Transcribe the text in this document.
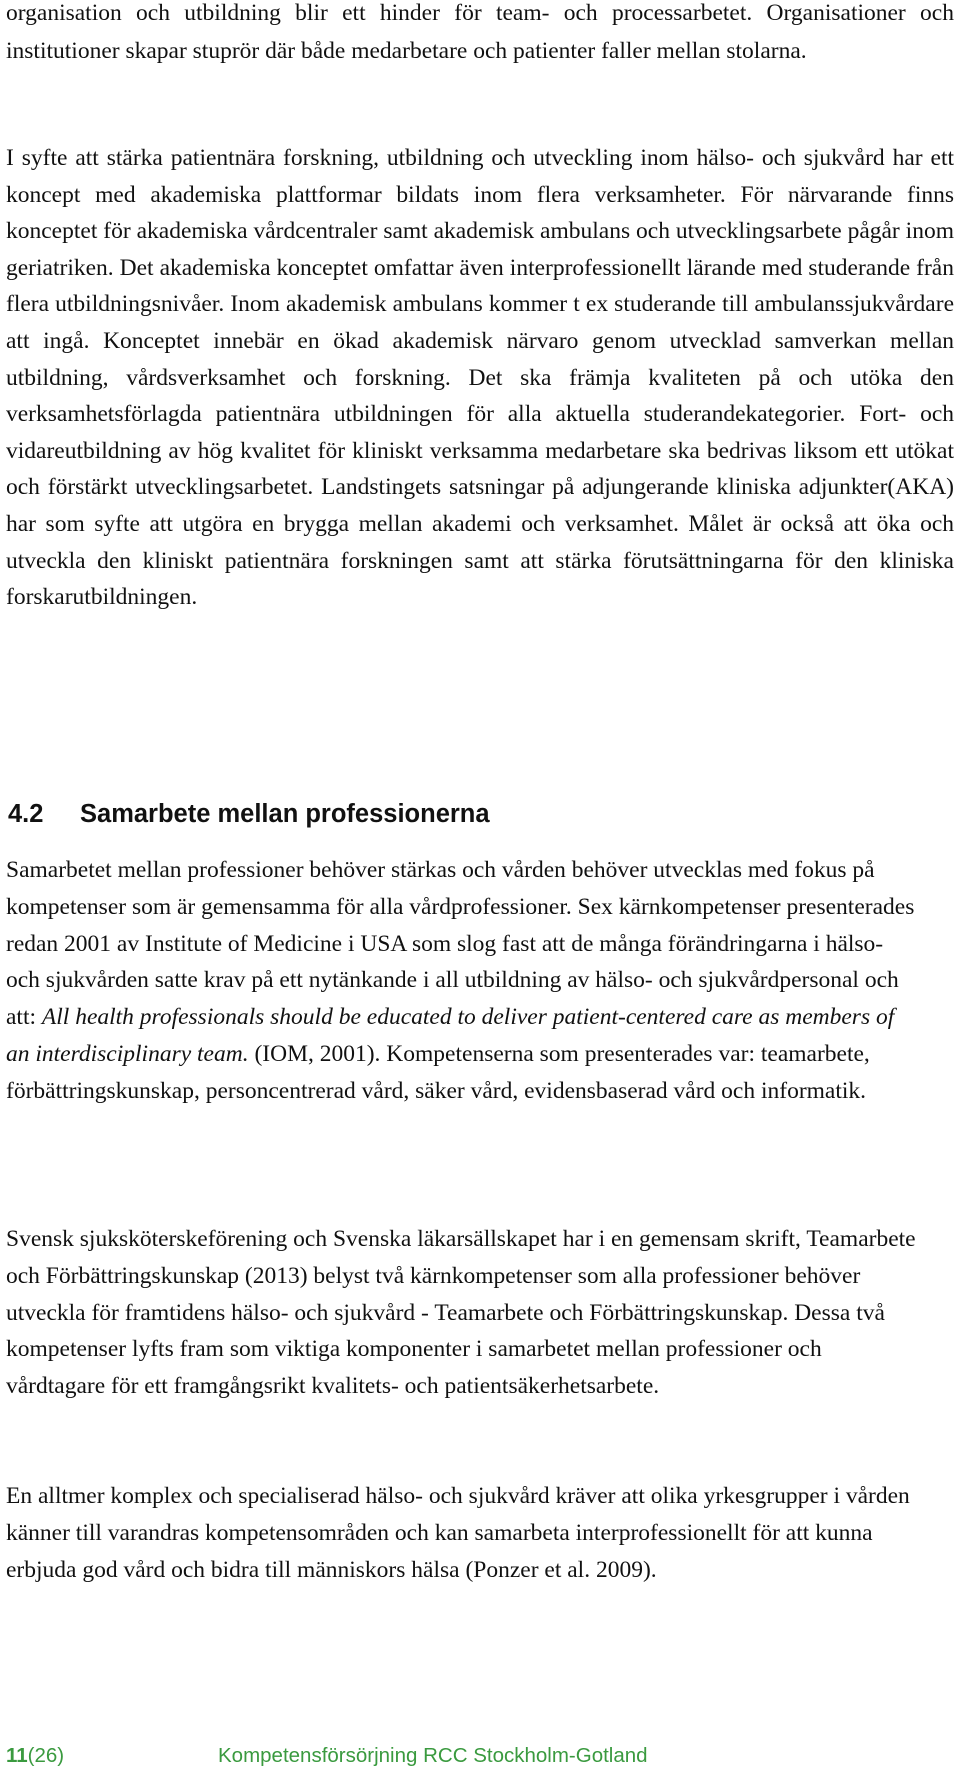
organisation och utbildning blir ett hinder för team- och processarbetet. Organisationer och institutioner skapar stuprör där både medarbetare och patienter faller mellan stolarna.

I syfte att stärka patientnära forskning, utbildning och utveckling inom hälso- och sjukvård har ett koncept med akademiska plattformar bildats inom flera verksamheter. För närvarande finns konceptet för akademiska vårdcentraler samt akademisk ambulans och utvecklingsarbete pågår inom geriatriken. Det akademiska konceptet omfattar även interprofessionellt lärande med studerande från flera utbildningsnivåer. Inom akademisk ambulans kommer t ex studerande till ambulanssjukvårdare att ingå. Konceptet innebär en ökad akademisk närvaro genom utvecklad samverkan mellan utbildning, vårdsverksamhet och forskning. Det ska främja kvaliteten på och utöka den verksamhetsförlagda patientnära utbildningen för alla aktuella studerandekategorier. Fort- och vidareutbildning av hög kvalitet för kliniskt verksamma medarbetare ska bedrivas liksom ett utökat och förstärkt utvecklingsarbetet. Landstingets satsningar på adjungerande kliniska adjunkter(AKA) har som syfte att utgöra en brygga mellan akademi och verksamhet. Målet är också att öka och utveckla den kliniskt patientnära forskningen samt att stärka förutsättningarna för den kliniska
forskarutbildningen.
4.2 Samarbete mellan professionerna

Samarbetet mellan professioner behöver stärkas och vården behöver utvecklas med fokus på kompetenser som är gemensamma för alla vårdprofessioner. Sex kärnkompetenser presenterades redan 2001 av Institute of Medicine i USA som slog fast att de många förändringarna i hälso- och sjukvården satte krav på ett nytänkande i all utbildning av hälso- och sjukvårdpersonal och att: All health professionals should be educated to deliver patient-centered care as members of an interdisciplinary team. (IOM, 2001). Kompetenserna som presenterades var: teamarbete, förbättringskunskap, personcentrerad vård, säker vård, evidensbaserad vård och informatik.

Svensk sjuksköterskeförening och Svenska läkarsällskapet har i en gemensam skrift, Teamarbete och Förbättringskunskap (2013) belyst två kärnkompetenser som alla professioner behöver utveckla för framtidens hälso- och sjukvård - Teamarbete och Förbättringskunskap. Dessa två kompetenser lyfts fram som viktiga komponenter i samarbetet mellan professioner och vårdtagare för ett framgångsrikt kvalitets- och patientsäkerhetsarbete.

En alltmer komplex och specialiserad hälso- och sjukvård kräver att olika yrkesgrupper i vården känner till varandras kompetensområden och kan samarbeta interprofessionellt för att kunna erbjuda god vård och bidra till människors hälsa (Ponzer et al. 2009).

11(26)	Kompetensförsörjning RCC Stockholm-Gotland
